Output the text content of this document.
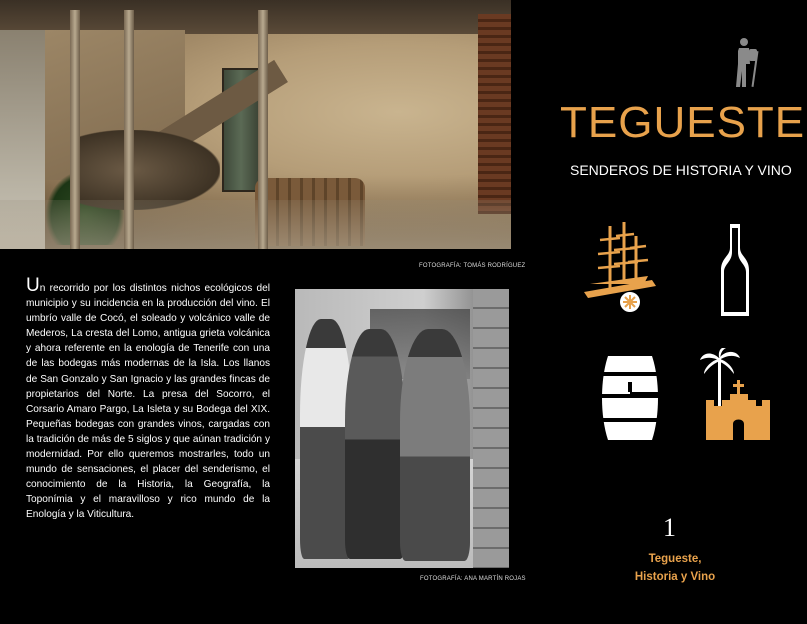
FOTOGRAFÍA: TOMÁS RODRÍGUEZ

Un recorrido por los distintos nichos ecológicos del municipio y su incidencia en la producción del vino. El umbrío valle de Cocó, el soleado y volcánico valle de Mederos, La cresta del Lomo, antigua grieta volcánica y ahora referente en la enología de Tenerife con una de las bodegas más modernas de la Isla. Los llanos de San Gonzalo y San Ignacio y las grandes fincas de propietarios del Norte. La presa del Socorro, el Corsario Amaro Pargo, La Isleta y su Bodega del XIX. Pequeñas bodegas con grandes vinos, cargadas con la tradición de más de 5 siglos y que aúnan tradición y modernidad. Por ello queremos mostrarles, todo un mundo de sensaciones, el placer del senderismo, el conocimiento de la Historia, la Geografía, la Toponímia y el maravilloso y rico mundo de la Enología y la Viticultura.

FOTOGRAFÍA: ANA MARTÍN ROJAS
TEGUESTE

SENDEROS DE HISTORIA Y VINO

1
Tegueste,
Historia y Vino
